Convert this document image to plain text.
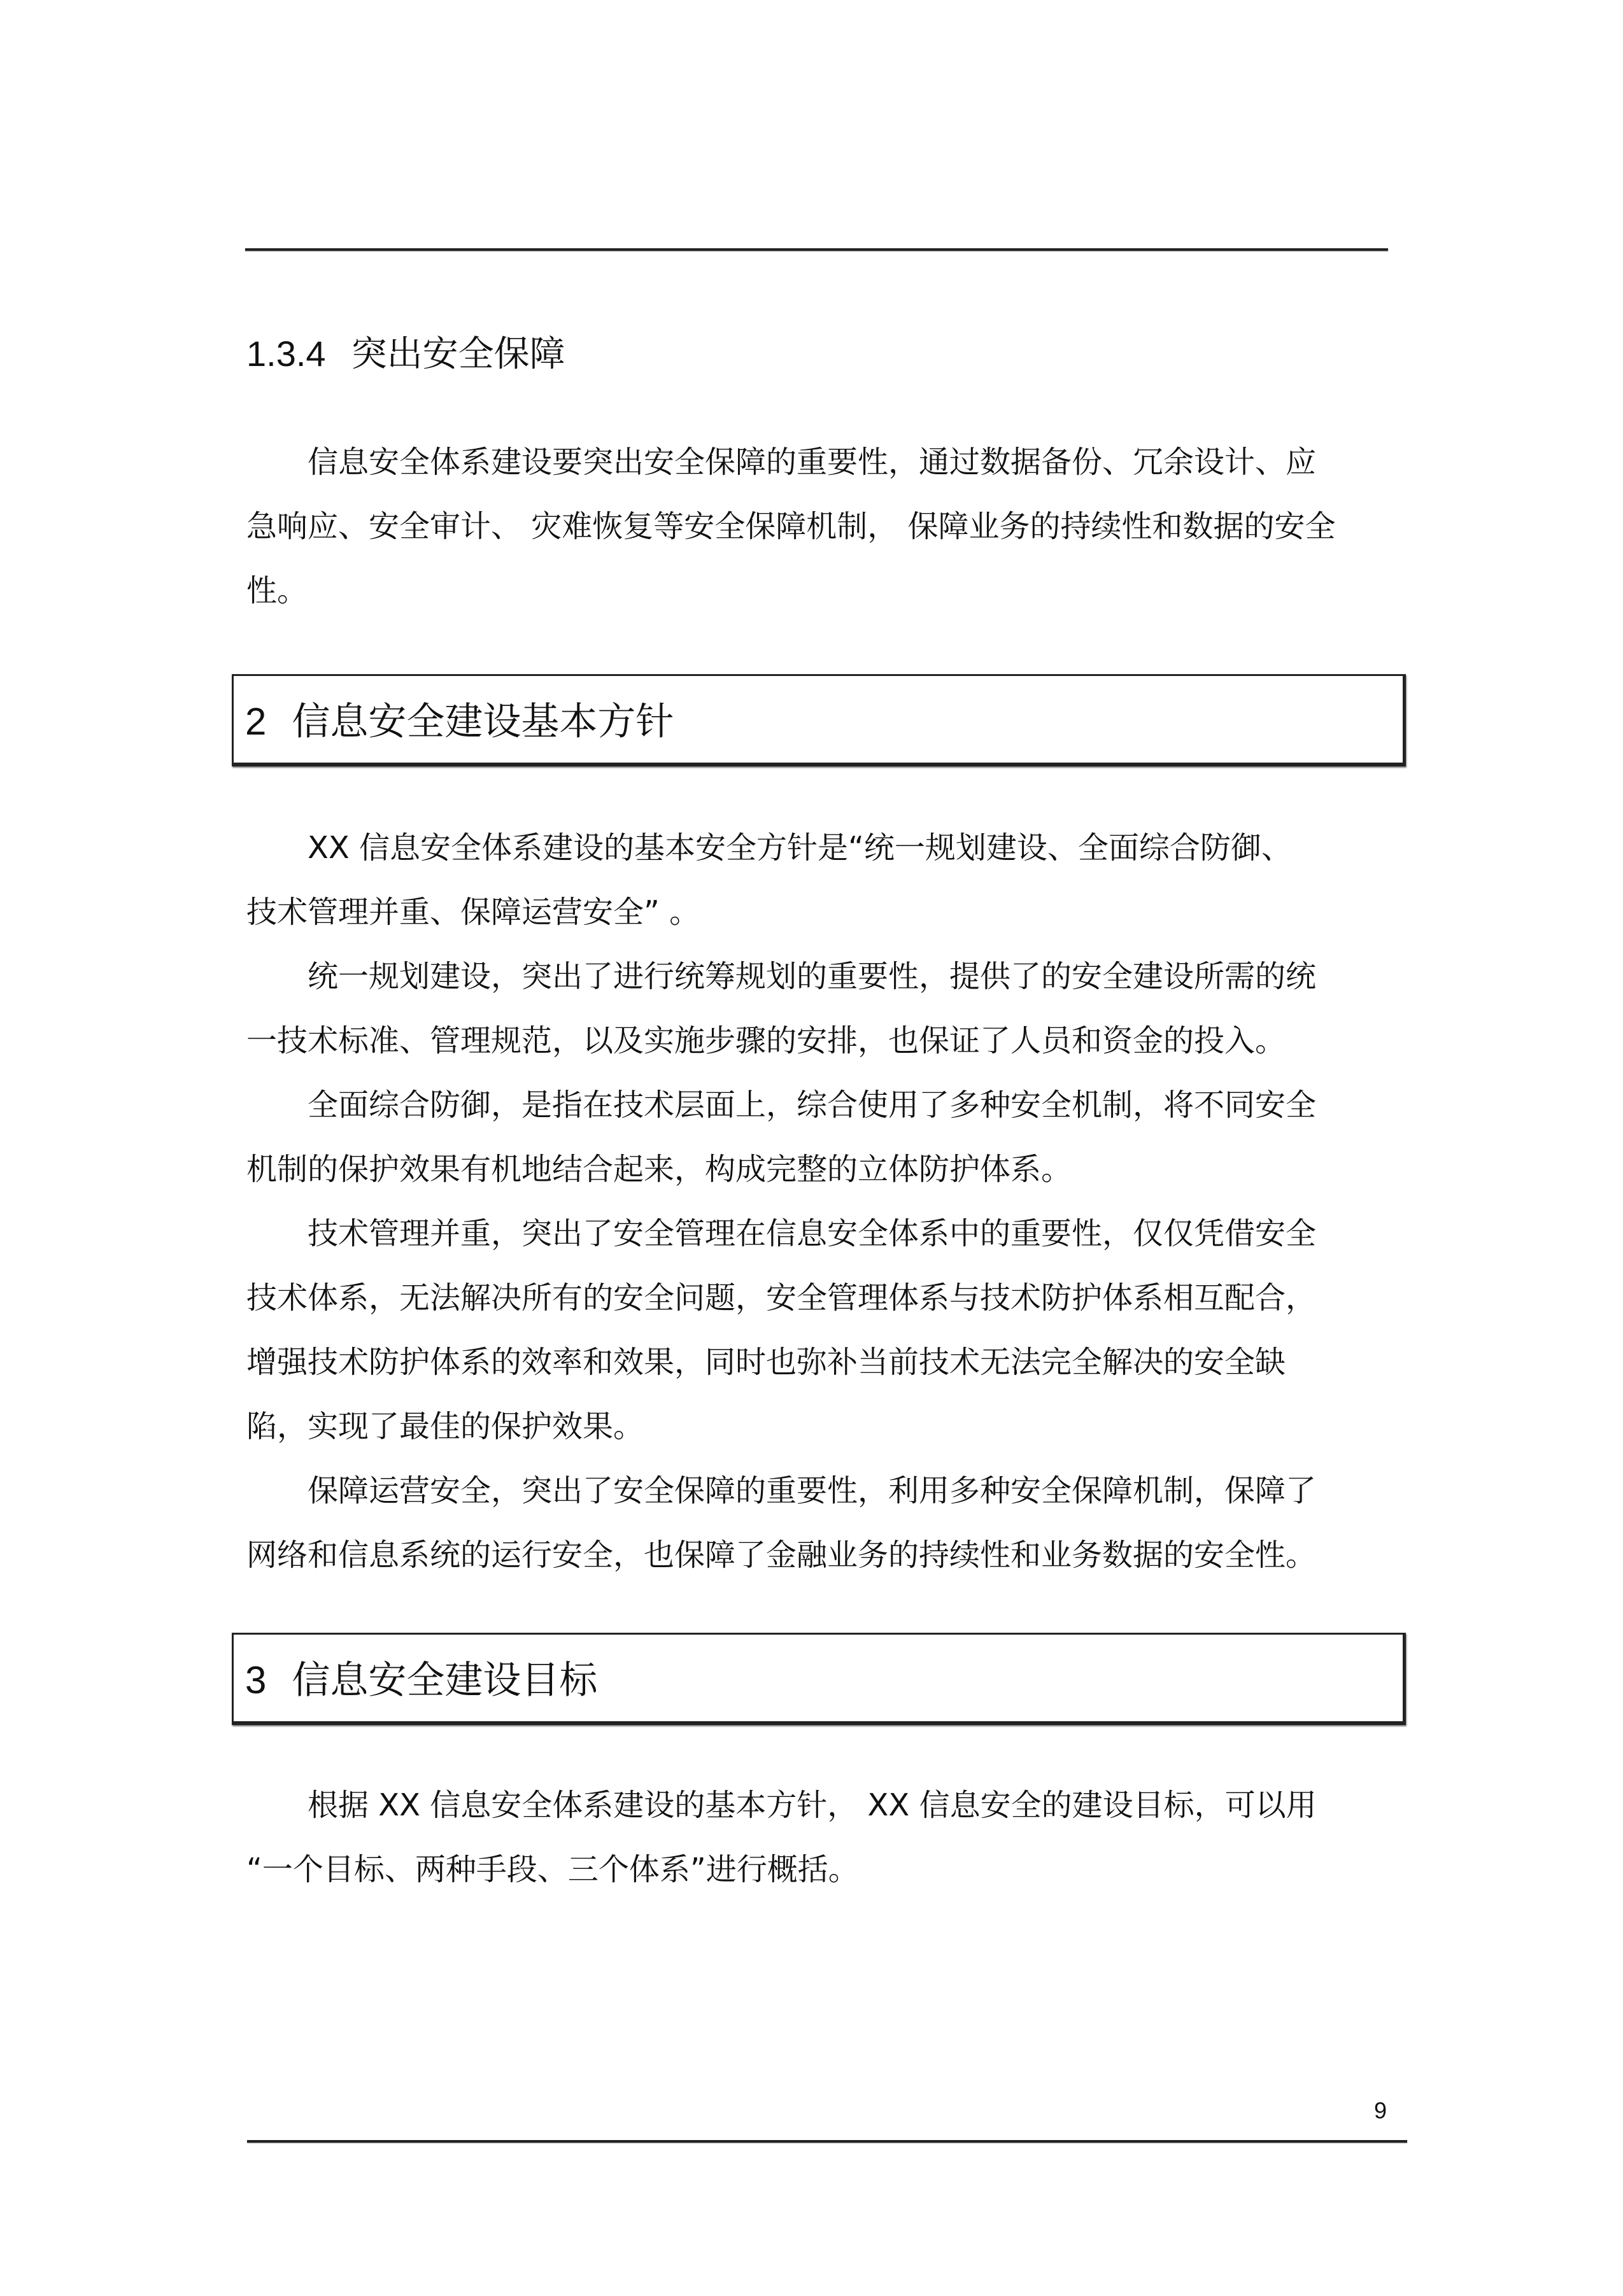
1.3.4 突出安全保障

信息安全体系建设要突出安全保障的重要性，通过数据备份、冗余设计、应

急响应、安全审计、 灾难恢复等安全保障机制， 保障业务的持续性和数据的安全

性。

2 信息安全建设基本方针

XX 信息安全体系建设的基本安全方针是“统一规划建设、全面综合防御、

技术管理并重、保障运营安全” 。

统一规划建设，突出了进行统筹规划的重要性，提供了的安全建设所需的统

一技术标准、管理规范，以及实施步骤的安排，也保证了人员和资金的投入。

全面综合防御，是指在技术层面上，综合使用了多种安全机制，将不同安全

机制的保护效果有机地结合起来，构成完整的立体防护体系。

技术管理并重，突出了安全管理在信息安全体系中的重要性，仅仅凭借安全

技术体系，无法解决所有的安全问题，安全管理体系与技术防护体系相互配合，

增强技术防护体系的效率和效果，同时也弥补当前技术无法完全解决的安全缺

陷，实现了最佳的保护效果。

保障运营安全，突出了安全保障的重要性，利用多种安全保障机制，保障了

网络和信息系统的运行安全，也保障了金融业务的持续性和业务数据的安全性。

3 信息安全建设目标

根据 XX 信息安全体系建设的基本方针， XX 信息安全的建设目标，可以用

“一个目标、两种手段、三个体系”进行概括。

9
